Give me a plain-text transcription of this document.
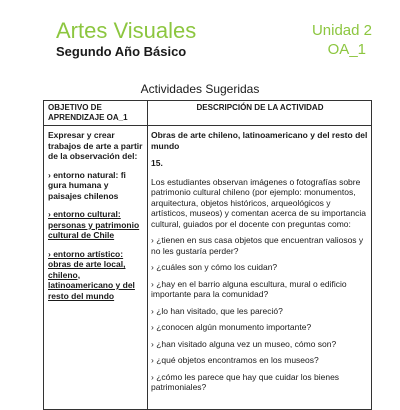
Artes Visuales
Segundo Año Básico
Unidad 2
OA_1
Actividades Sugeridas
OBJETIVO DE APRENDIZAJE OA_1
DESCRIPCIÓN DE LA ACTIVIDAD

Expresar y crear trabajos de arte a partir de la observación del:

› entorno natural: fi gura humana y paisajes chilenos

› entorno cultural: personas y patrimonio cultural de Chile

› entorno artístico: obras de arte local, chileno, latinoamericano y del resto del mundo

Obras de arte chileno, latinoamericano y del resto del mundo

15.

Los estudiantes observan imágenes o fotografías sobre patrimonio cultural chileno (por ejemplo: monumentos, arquitectura, objetos históricos, arqueológicos y artísticos, museos) y comentan acerca de su importancia cultural, guiados por el docente con preguntas como:

› ¿tienen en sus casa objetos que encuentran valiosos y no les gustaría perder?

› ¿cuáles son y cómo los cuidan?

› ¿hay en el barrio alguna escultura, mural o edificio importante para la comunidad?

› ¿lo han visitado, que les pareció?

› ¿conocen algún monumento importante?

› ¿han visitado alguna vez un museo, cómo son?

› ¿qué objetos encontramos en los museos?

› ¿cómo les parece que hay que cuidar los bienes patrimoniales?
